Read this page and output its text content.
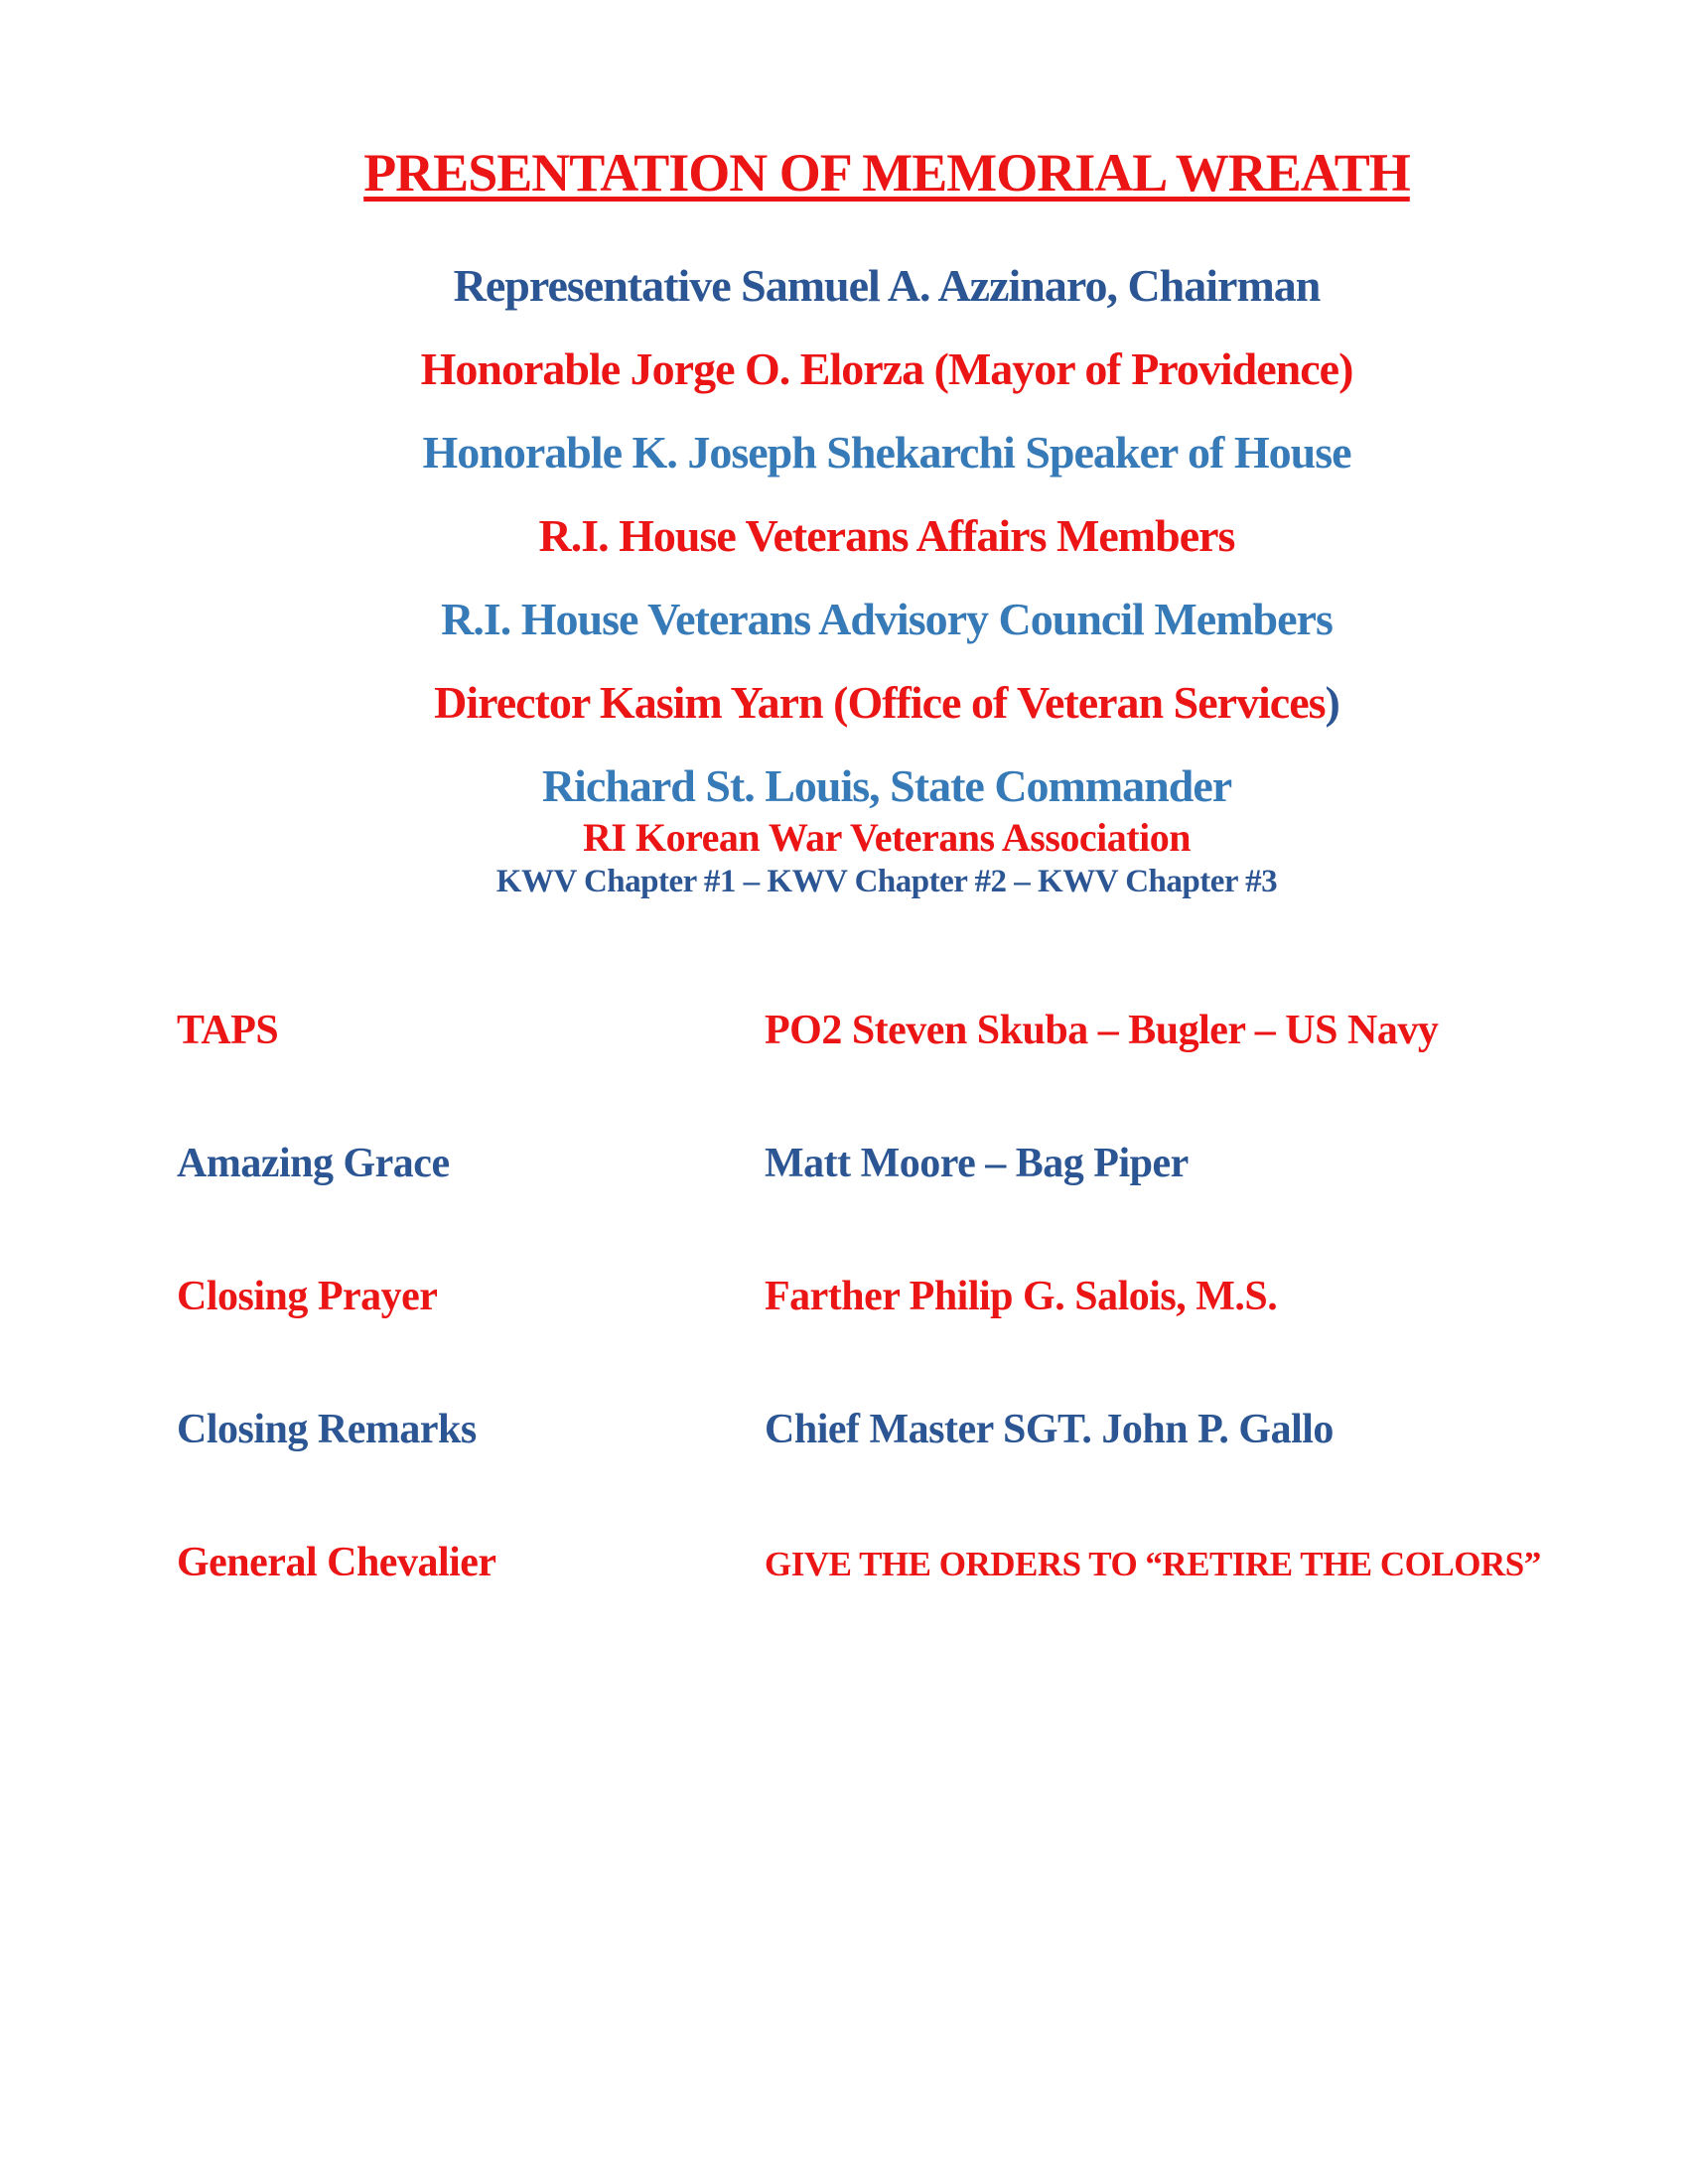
PRESENTATION OF MEMORIAL WREATH

Representative Samuel A. Azzinaro, Chairman

Honorable Jorge O. Elorza (Mayor of Providence)

Honorable K. Joseph Shekarchi Speaker of House

R.I. House Veterans Affairs Members

R.I. House Veterans Advisory Council Members

Director Kasim Yarn (Office of Veteran Services)

Richard St. Louis, State Commander

RI Korean War Veterans Association

KWV Chapter #1 – KWV Chapter #2 – KWV Chapter #3

TAPS	PO2 Steven Skuba – Bugler – US Navy
Amazing Grace	Matt Moore – Bag Piper
Closing Prayer	Farther Philip G. Salois, M.S.
Closing Remarks	Chief Master SGT. John P. Gallo
General Chevalier	GIVE THE ORDERS TO “RETIRE THE COLORS”
